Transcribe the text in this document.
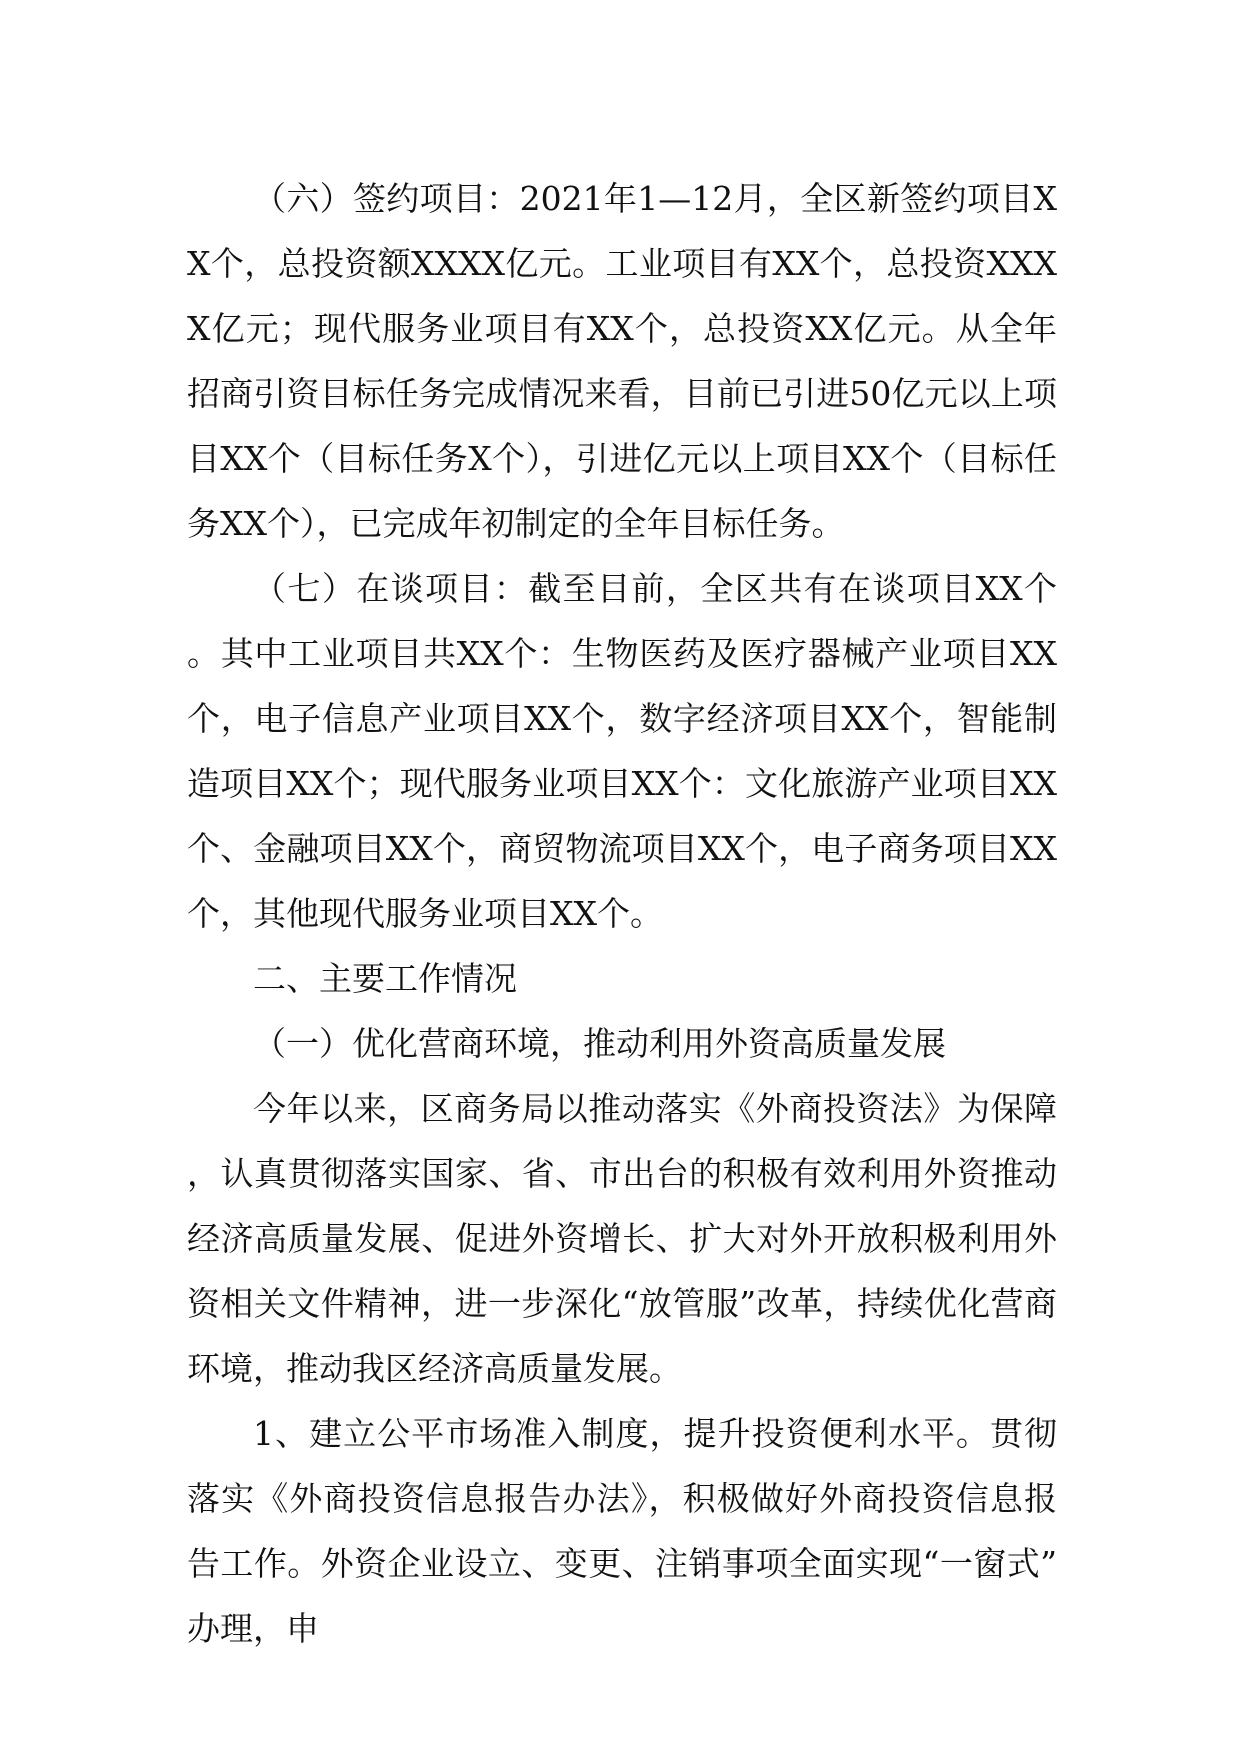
（六）签约项目：2021年1—12月，全区新签约项目XX个，总投资额XXXX亿元。工业项目有XX个，总投资XXXX亿元；现代服务业项目有XX个，总投资XX亿元。从全年招商引资目标任务完成情况来看，目前已引进50亿元以上项目XX个（目标任务X个），引进亿元以上项目XX个（目标任务XX个），已完成年初制定的全年目标任务。

（七）在谈项目：截至目前，全区共有在谈项目XX个。其中工业项目共XX个：生物医药及医疗器械产业项目XX个，电子信息产业项目XX个，数字经济项目XX个，智能制造项目XX个；现代服务业项目XX个：文化旅游产业项目XX个、金融项目XX个，商贸物流项目XX个，电子商务项目XX个，其他现代服务业项目XX个。

二、主要工作情况

（一）优化营商环境，推动利用外资高质量发展

今年以来，区商务局以推动落实《外商投资法》为保障，认真贯彻落实国家、省、市出台的积极有效利用外资推动经济高质量发展、促进外资增长、扩大对外开放积极利用外资相关文件精神，进一步深化“放管服”改革，持续优化营商环境，推动我区经济高质量发展。

1、建立公平市场准入制度，提升投资便利水平。贯彻落实《外商投资信息报告办法》，积极做好外商投资信息报告工作。外资企业设立、变更、注销事项全面实现“一窗式”办理，申
